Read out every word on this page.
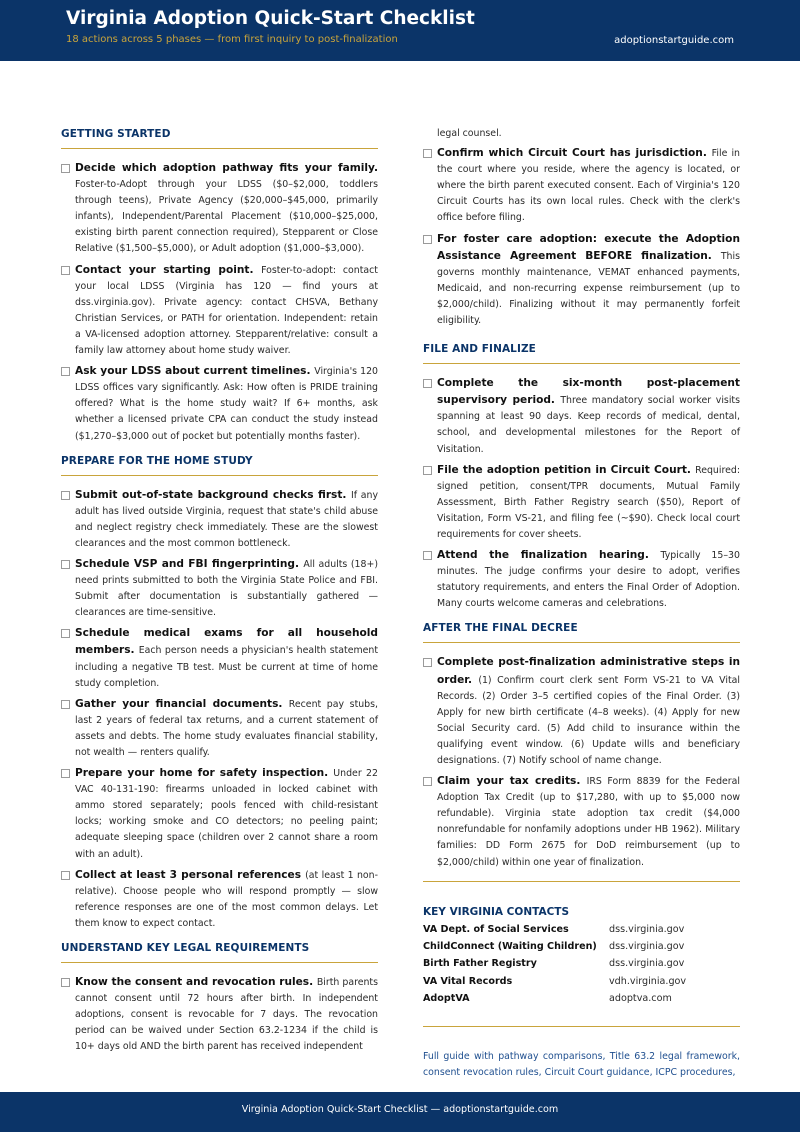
Virginia Adoption Quick-Start Checklist
18 actions across 5 phases — from first inquiry to post-finalization	adoptionstartguide.com
GETTING STARTED
Decide which adoption pathway fits your family. Foster-to-Adopt through your LDSS ($0–$2,000, toddlers through teens), Private Agency ($20,000–$45,000, primarily infants), Independent/Parental Placement ($10,000–$25,000, existing birth parent connection required), Stepparent or Close Relative ($1,500–$5,000), or Adult adoption ($1,000–$3,000).
Contact your starting point. Foster-to-adopt: contact your local LDSS (Virginia has 120 — find yours at dss.virginia.gov). Private agency: contact CHSVA, Bethany Christian Services, or PATH for orientation. Independent: retain a VA-licensed adoption attorney. Stepparent/relative: consult a family law attorney about home study waiver.
Ask your LDSS about current timelines. Virginia's 120 LDSS offices vary significantly. Ask: How often is PRIDE training offered? What is the home study wait? If 6+ months, ask whether a licensed private CPA can conduct the study instead ($1,270–$3,000 out of pocket but potentially months faster).
PREPARE FOR THE HOME STUDY
Submit out-of-state background checks first. If any adult has lived outside Virginia, request that state's child abuse and neglect registry check immediately. These are the slowest clearances and the most common bottleneck.
Schedule VSP and FBI fingerprinting. All adults (18+) need prints submitted to both the Virginia State Police and FBI. Submit after documentation is substantially gathered — clearances are time-sensitive.
Schedule medical exams for all household members. Each person needs a physician's health statement including a negative TB test. Must be current at time of home study completion.
Gather your financial documents. Recent pay stubs, last 2 years of federal tax returns, and a current statement of assets and debts. The home study evaluates financial stability, not wealth — renters qualify.
Prepare your home for safety inspection. Under 22 VAC 40-131-190: firearms unloaded in locked cabinet with ammo stored separately; pools fenced with child-resistant locks; working smoke and CO detectors; no peeling paint; adequate sleeping space (children over 2 cannot share a room with an adult).
Collect at least 3 personal references (at least 1 non-relative). Choose people who will respond promptly — slow reference responses are one of the most common delays. Let them know to expect contact.
UNDERSTAND KEY LEGAL REQUIREMENTS
Know the consent and revocation rules. Birth parents cannot consent until 72 hours after birth. In independent adoptions, consent is revocable for 7 days. The revocation period can be waived under Section 63.2-1234 if the child is 10+ days old AND the birth parent has received independent
legal counsel.
Confirm which Circuit Court has jurisdiction. File in the court where you reside, where the agency is located, or where the birth parent executed consent. Each of Virginia's 120 Circuit Courts has its own local rules. Check with the clerk's office before filing.
For foster care adoption: execute the Adoption Assistance Agreement BEFORE finalization. This governs monthly maintenance, VEMAT enhanced payments, Medicaid, and non-recurring expense reimbursement (up to $2,000/child). Finalizing without it may permanently forfeit eligibility.
FILE AND FINALIZE
Complete the six-month post-placement supervisory period. Three mandatory social worker visits spanning at least 90 days. Keep records of medical, dental, school, and developmental milestones for the Report of Visitation.
File the adoption petition in Circuit Court. Required: signed petition, consent/TPR documents, Mutual Family Assessment, Birth Father Registry search ($50), Report of Visitation, Form VS-21, and filing fee (~$90). Check local court requirements for cover sheets.
Attend the finalization hearing. Typically 15–30 minutes. The judge confirms your desire to adopt, verifies statutory requirements, and enters the Final Order of Adoption. Many courts welcome cameras and celebrations.
AFTER THE FINAL DECREE
Complete post-finalization administrative steps in order. (1) Confirm court clerk sent Form VS-21 to VA Vital Records. (2) Order 3–5 certified copies of the Final Order. (3) Apply for new birth certificate (4–8 weeks). (4) Apply for new Social Security card. (5) Add child to insurance within the qualifying event window. (6) Update wills and beneficiary designations. (7) Notify school of name change.
Claim your tax credits. IRS Form 8839 for the Federal Adoption Tax Credit (up to $17,280, with up to $5,000 now refundable). Virginia state adoption tax credit ($4,000 nonrefundable for nonfamily adoptions under HB 1962). Military families: DD Form 2675 for DoD reimbursement (up to $2,000/child) within one year of finalization.
KEY VIRGINIA CONTACTS
VA Dept. of Social Services	dss.virginia.gov
ChildConnect (Waiting Children)	dss.virginia.gov
Birth Father Registry	dss.virginia.gov
VA Vital Records	vdh.virginia.gov
AdoptVA	adoptva.com
Full guide with pathway comparisons, Title 63.2 legal framework, consent revocation rules, Circuit Court guidance, ICPC procedures,
Virginia Adoption Quick-Start Checklist — adoptionstartguide.com
